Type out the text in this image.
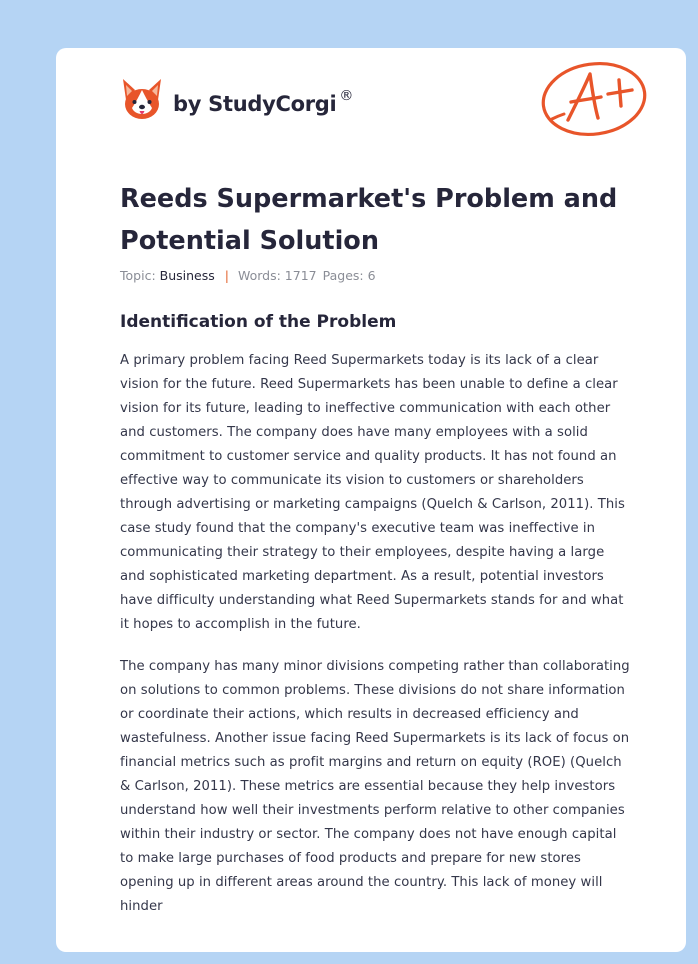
by StudyCorgi ®
Reeds Supermarket's Problem and Potential Solution
Topic: Business | Words: 1717 Pages: 6
Identification of the Problem

A primary problem facing Reed Supermarkets today is its lack of a clear vision for the future. Reed Supermarkets has been unable to define a clear vision for its future, leading to ineffective communication with each other and customers. The company does have many employees with a solid commitment to customer service and quality products. It has not found an effective way to communicate its vision to customers or shareholders through advertising or marketing campaigns (Quelch & Carlson, 2011). This case study found that the company's executive team was ineffective in communicating their strategy to their employees, despite having a large and sophisticated marketing department. As a result, potential investors have difficulty understanding what Reed Supermarkets stands for and what it hopes to accomplish in the future.

The company has many minor divisions competing rather than collaborating on solutions to common problems. These divisions do not share information or coordinate their actions, which results in decreased efficiency and wastefulness. Another issue facing Reed Supermarkets is its lack of focus on financial metrics such as profit margins and return on equity (ROE) (Quelch & Carlson, 2011). These metrics are essential because they help investors understand how well their investments perform relative to other companies within their industry or sector. The company does not have enough capital to make large purchases of food products and prepare for new stores opening up in different areas around the country. This lack of money will hinder
